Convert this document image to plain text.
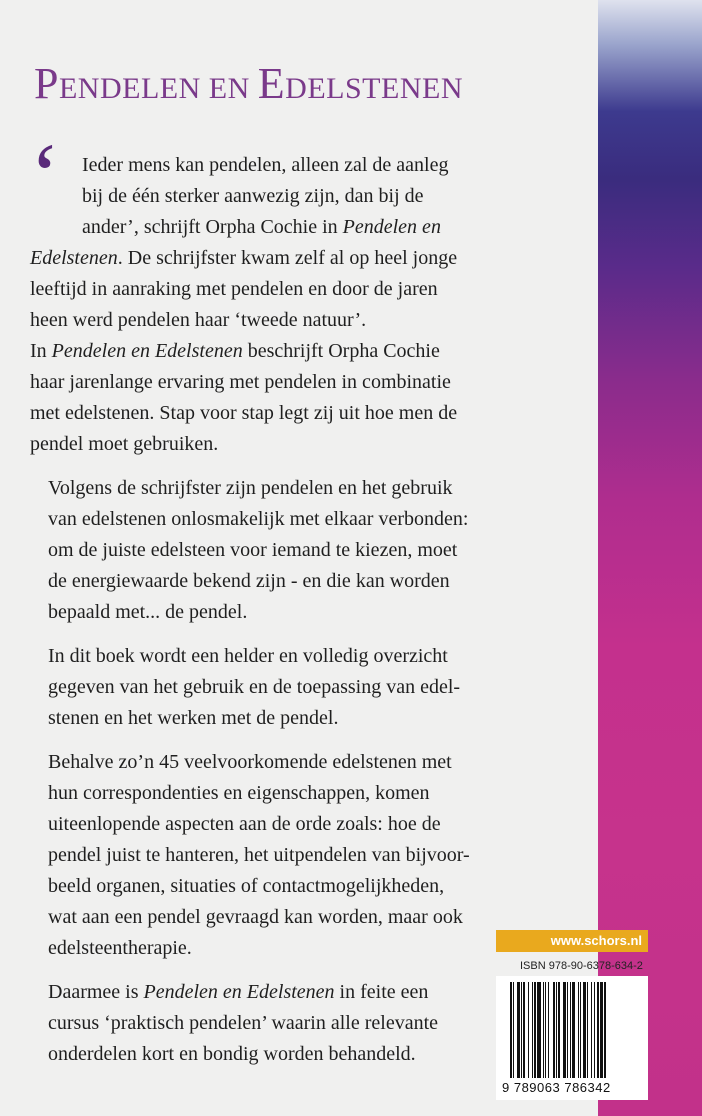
PENDELEN EN EDELSTENEN
‘	Ieder mens kan pendelen, alleen zal de aanleg
bij de één sterker aanwezig zijn, dan bij de
ander’, schrijft Orpha Cochie in Pendelen en
Edelstenen. De schrijfster kwam zelf al op heel jonge
leeftijd in aanraking met pendelen en door de jaren
heen werd pendelen haar ‘tweede natuur’.

In Pendelen en Edelstenen beschrijft Orpha Cochie
haar jarenlange ervaring met pendelen in combinatie
met edelstenen. Stap voor stap legt zij uit hoe men de
pendel moet gebruiken.

Volgens de schrijfster zijn pendelen en het gebruik
van edelstenen onlosmakelijk met elkaar verbonden:
om de juiste edelsteen voor iemand te kiezen, moet
de energiewaarde bekend zijn - en die kan worden
bepaald met... de pendel.

In dit boek wordt een helder en volledig overzicht
gegeven van het gebruik en de toepassing van edel-
stenen en het werken met de pendel.

Behalve zo’n 45 veelvoorkomende edelstenen met
hun correspondenties en eigenschappen, komen
uiteenlopende aspecten aan de orde zoals: hoe de
pendel juist te hanteren, het uitpendelen van bijvoor-
beeld organen, situaties of contactmogelijkheden,
wat aan een pendel gevraagd kan worden, maar ook
edelsteentherapie.

Daarmee is Pendelen en Edelstenen in feite een
cursus ‘praktisch pendelen’ waarin alle relevante
onderdelen kort en bondig worden behandeld.

www.schors.nl
ISBN 978-90-6378-634-2
9 789063 786342
